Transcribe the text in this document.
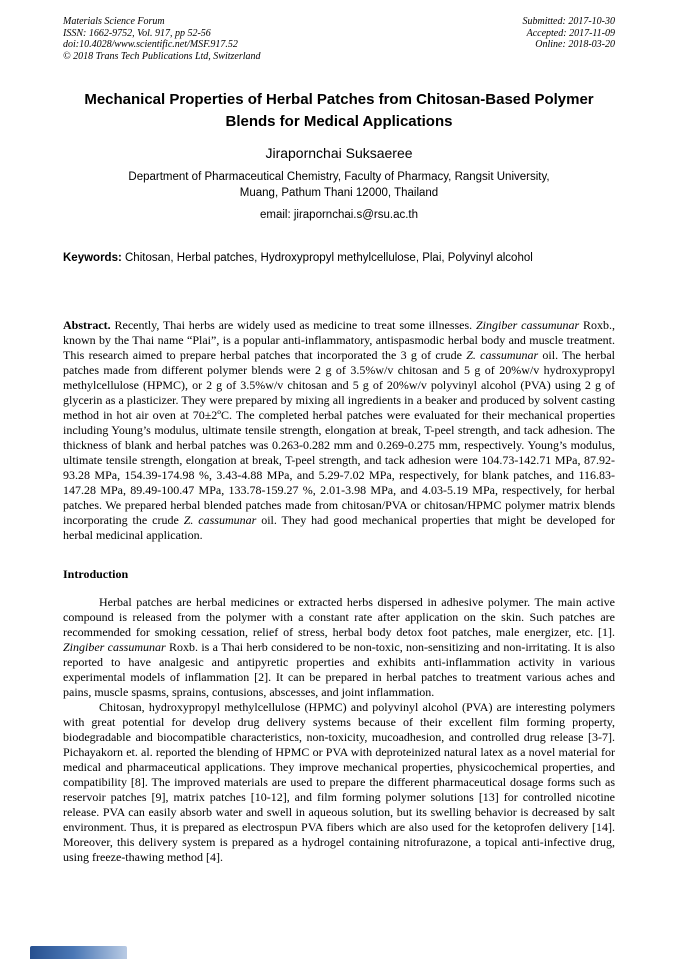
Materials Science Forum
ISSN: 1662-9752, Vol. 917, pp 52-56
doi:10.4028/www.scientific.net/MSF.917.52
© 2018 Trans Tech Publications Ltd, Switzerland
Submitted: 2017-10-30
Accepted: 2017-11-09
Online: 2018-03-20
Mechanical Properties of Herbal Patches from Chitosan-Based Polymer Blends for Medical Applications
Jirapornchai Suksaeree
Department of Pharmaceutical Chemistry, Faculty of Pharmacy, Rangsit University,
Muang, Pathum Thani 12000, Thailand
email: jirapornchai.s@rsu.ac.th

Keywords: Chitosan, Herbal patches, Hydroxypropyl methylcellulose, Plai, Polyvinyl alcohol

Abstract. Recently, Thai herbs are widely used as medicine to treat some illnesses. Zingiber cassumunar Roxb., known by the Thai name “Plai”, is a popular anti-inflammatory, antispasmodic herbal body and muscle treatment. This research aimed to prepare herbal patches that incorporated the 3 g of crude Z. cassumunar oil. The herbal patches made from different polymer blends were 2 g of 3.5%w/v chitosan and 5 g of 20%w/v hydroxypropyl methylcellulose (HPMC), or 2 g of 3.5%w/v chitosan and 5 g of 20%w/v polyvinyl alcohol (PVA) using 2 g of glycerin as a plasticizer. They were prepared by mixing all ingredients in a beaker and produced by solvent casting method in hot air oven at 70±2ºC. The completed herbal patches were evaluated for their mechanical properties including Young’s modulus, ultimate tensile strength, elongation at break, T-peel strength, and tack adhesion. The thickness of blank and herbal patches was 0.263-0.282 mm and 0.269-0.275 mm, respectively. Young’s modulus, ultimate tensile strength, elongation at break, T-peel strength, and tack adhesion were 104.73-142.71 MPa, 87.92-93.28 MPa, 154.39-174.98 %, 3.43-4.88 MPa, and 5.29-7.02 MPa, respectively, for blank patches, and 116.83-147.28 MPa, 89.49-100.47 MPa, 133.78-159.27 %, 2.01-3.98 MPa, and 4.03-5.19 MPa, respectively, for herbal patches. We prepared herbal blended patches made from chitosan/PVA or chitosan/HPMC polymer matrix blends incorporating the crude Z. cassumunar oil. They had good mechanical properties that might be developed for herbal medicinal application.

Introduction

Herbal patches are herbal medicines or extracted herbs dispersed in adhesive polymer. The main active compound is released from the polymer with a constant rate after application on the skin. Such patches are recommended for smoking cessation, relief of stress, herbal body detox foot patches, male energizer, etc. [1]. Zingiber cassumunar Roxb. is a Thai herb considered to be non-toxic, non-sensitizing and non-irritating. It is also reported to have analgesic and antipyretic properties and exhibits anti-inflammation activity in various experimental models of inflammation [2]. It can be prepared in herbal patches to treatment various aches and pains, muscle spasms, sprains, contusions, abscesses, and joint inflammation.

Chitosan, hydroxypropyl methylcellulose (HPMC) and polyvinyl alcohol (PVA) are interesting polymers with great potential for develop drug delivery systems because of their excellent film forming property, biodegradable and biocompatible characteristics, non-toxicity, mucoadhesion, and controlled drug release [3-7]. Pichayakorn et. al. reported the blending of HPMC or PVA with deproteinized natural latex as a novel material for medical and pharmaceutical applications. They improve mechanical properties, physicochemical properties, and compatibility [8]. The improved materials are used to prepare the different pharmaceutical dosage forms such as reservoir patches [9], matrix patches [10-12], and film forming polymer solutions [13] for controlled nicotine release. PVA can easily absorb water and swell in aqueous solution, but its swelling behavior is decreased by salt environment. Thus, it is prepared as electrospun PVA fibers which are also used for the ketoprofen delivery [14]. Moreover, this delivery system is prepared as a hydrogel containing nitrofurazone, a topical anti-infective drug, using freeze-thawing method [4].
